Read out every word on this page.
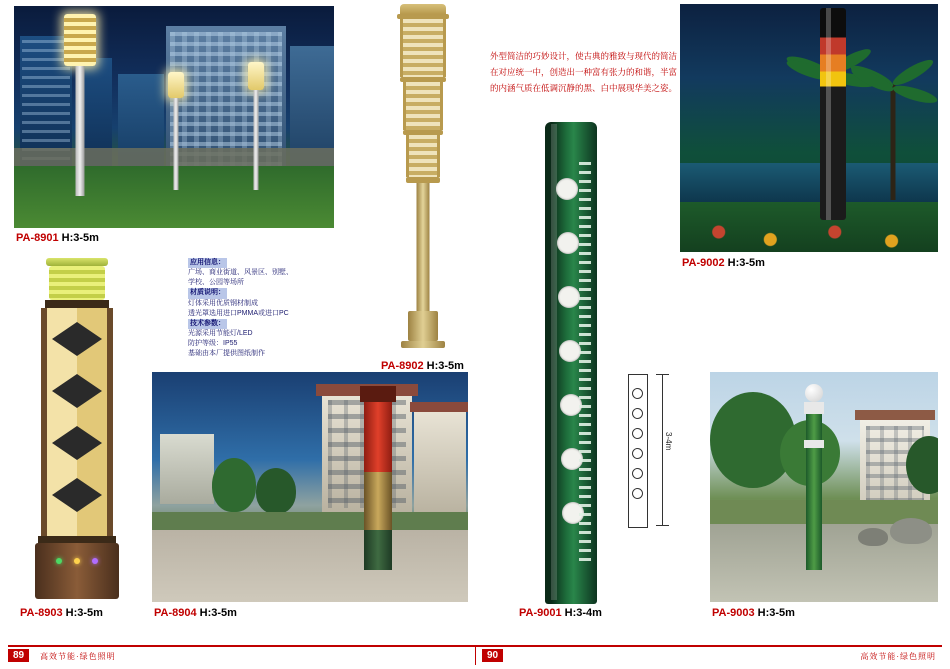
PA-8901 H:3-5m
PA-8902 H:3-5m
外型简洁的巧妙设计，使古典的雅致与现代的简洁在对应统一中，创造出一种富有张力的和谐，半富的内涵气质在低调沉静的黑、白中展现华美之姿。
PA-9002 H:3-5m

应用信息：

广场、商业街道、风景区、别墅、

学校、公园等场所

材质说明：

灯体采用优质钢材制成

透光罩选用进口PMMA或进口PC

技术参数：

光源采用节能灯/LED

防护等级：IP55

基础由本厂提供图纸制作

PA-8903 H:3-5m	PA-8904 H:3-5m	PA-9001 H:3-4m
3-4m
PA-9003 H:3-5m
89	高效节能·绿色照明	90	高效节能·绿色照明
